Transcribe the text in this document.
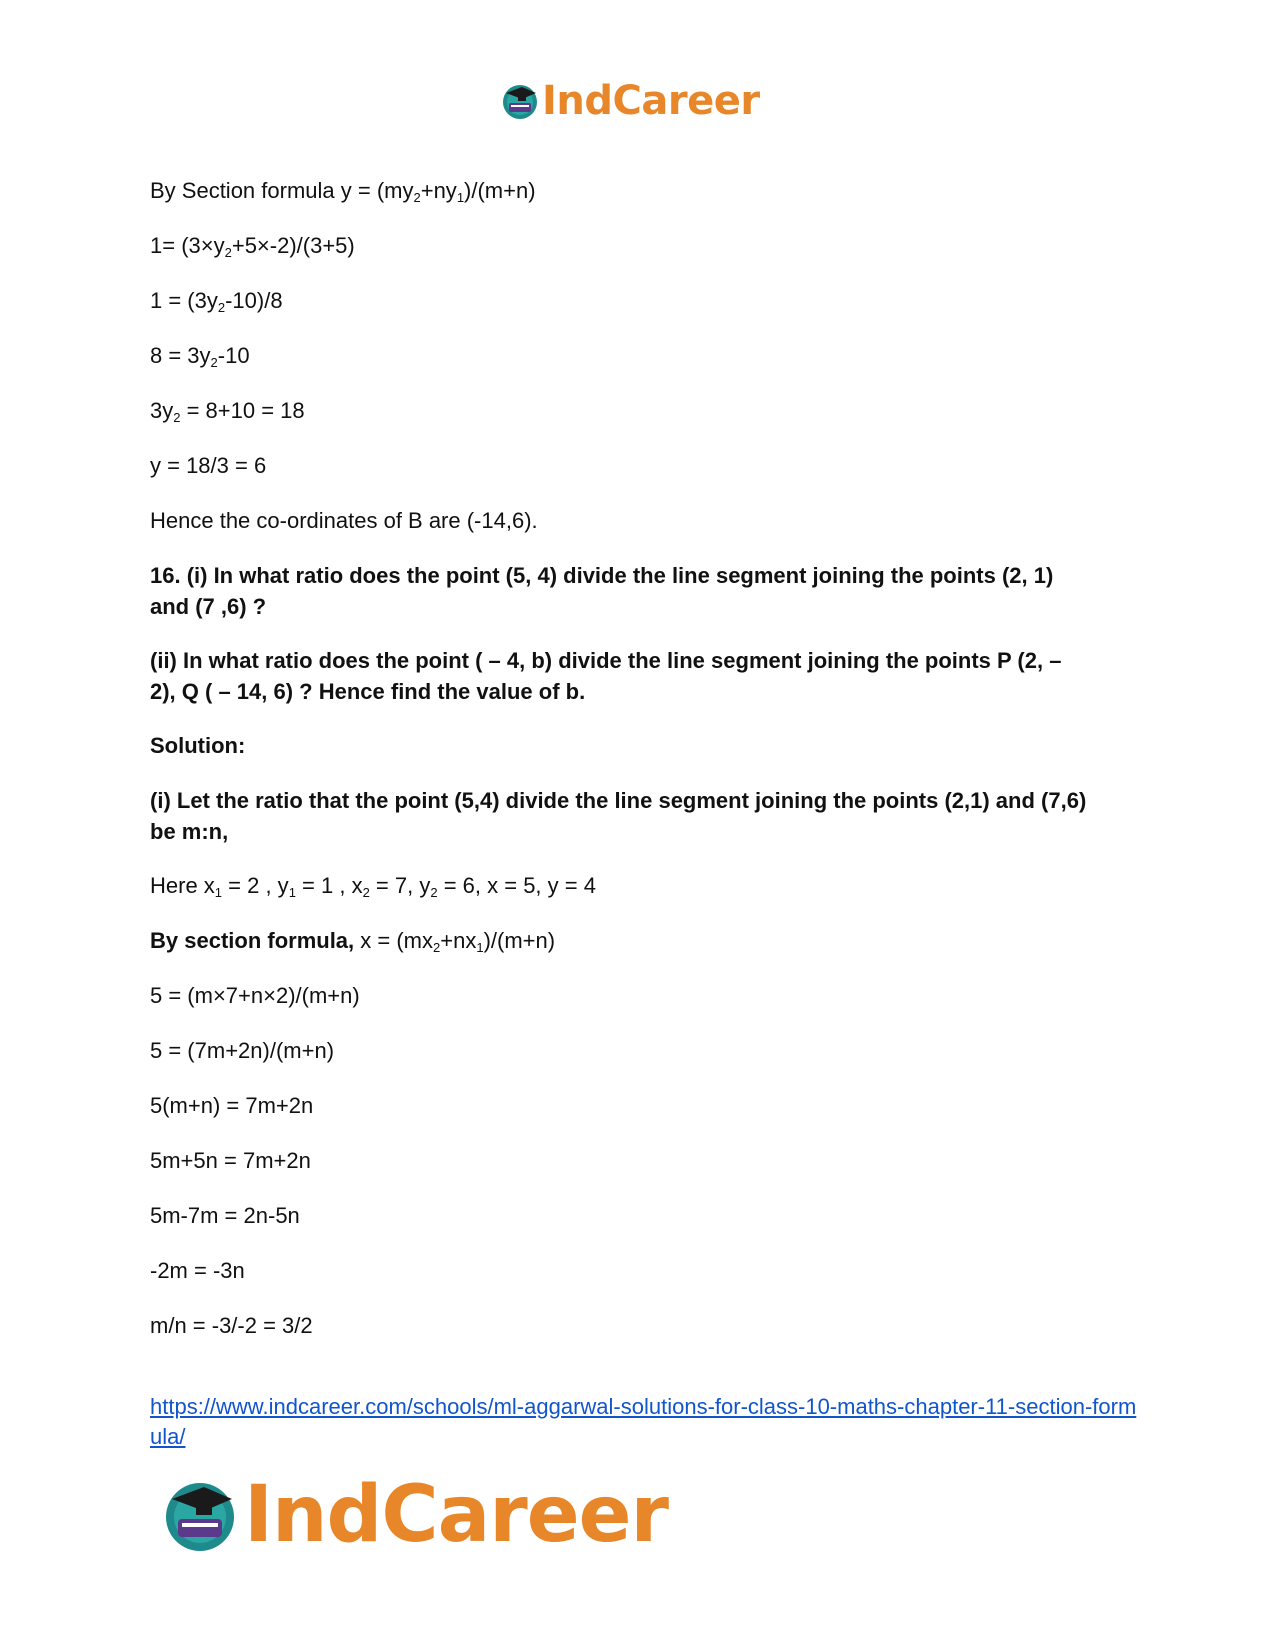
IndCareer

By Section formula $y = (my_2+ny_1)/(m+n)$

$1= (3\times y_2+5\times-2)/(3+5)$

$1 = (3y_2-10)/8$

$8 = 3y_2-10$

$3y_2 = 8+10 = 18$

y = 18/3 = 6

Hence the co-ordinates of B are (-14,6).

16. (i) In what ratio does the point (5, 4) divide the line segment joining the points (2, 1) and (7 ,6) ?

(ii) In what ratio does the point ( – 4, b) divide the line segment joining the points P (2, – 2), Q ( – 14, 6) ? Hence find the value of b.

Solution:

(i) Let the ratio that the point (5,4) divide the line segment joining the points (2,1) and (7,6) be m:n,

Here $x_1 = 2$ , $y_1 = 1$ , $x_2 = 7$, $y_2 = 6$, x = 5, y = 4

By section formula, $x = (mx_2+nx_1)/(m+n)$

5 = (m×7+n×2)/(m+n)

5 = (7m+2n)/(m+n)

5(m+n) = 7m+2n

5m+5n = 7m+2n

5m-7m = 2n-5n

-2m = -3n

m/n = -3/-2 = 3/2

https://www.indcareer.com/schools/ml-aggarwal-solutions-for-class-10-maths-chapter-11-section-formula/
IndCareer
